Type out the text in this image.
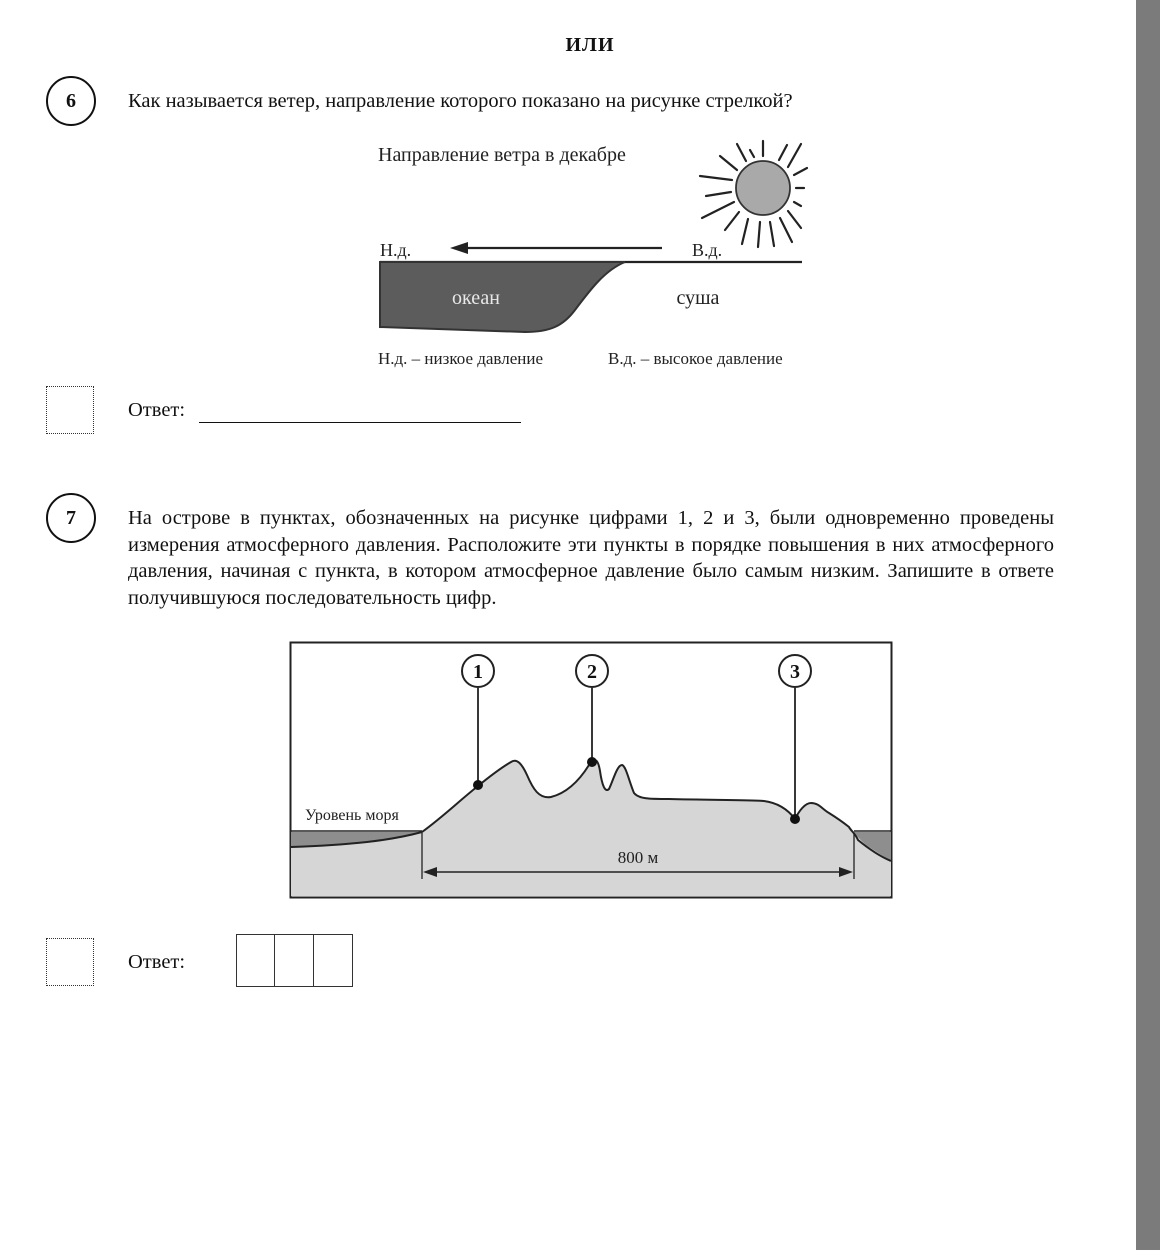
ИЛИ
6	Как называется ветер, направление которого показано на рисунке стрелкой?
Направление ветра в декабре
Н.д.	В.д.
океан	суша
Н.д. – низкое давление	В.д. – высокое давление
Ответ:
7	На острове в пунктах, обозначенных на рисунке цифрами 1, 2 и 3, были одновременно проведены измерения атмосферного давления. Расположите эти пункты в порядке повышения в них атмосферного давления, начиная с пункта, в котором атмосферное давление было самым низким. Запишите в ответе получившуюся последовательность цифр.
Уровень моря
1	2	3
800 м
Ответ:
